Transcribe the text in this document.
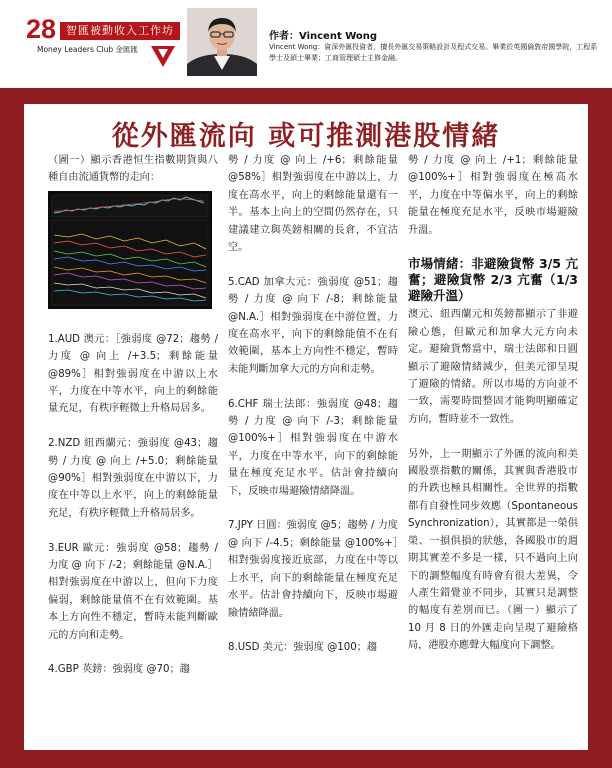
28 智匯被動收入工作坊
Money Leaders Club 金匯匯
作者：Vincent Wong
Vincent Wong：資深外匯投資者，擅長外匯交易策略設計及程式交易。畢業於英國倫敦帝國學院，工程系學士及碩士畢業；工商管理碩士主修金融。
從外匯流向 或可推測港股情緒

（圖一）顯示香港恒生指數期貨與八種自由流通貨幣的走向：

1.AUD 澳元：［強弱度 @72；趨勢 / 力度 @ 向上 /+3.5；剩餘能量 @89%］相對強弱度在中游以上水平，力度在中等水平，向上的剩餘能量充足，有秩序輕微上升格局居多。

2.NZD 紐西蘭元：強弱度 @43；趨勢 / 力度 @ 向上 /+5.0；剩餘能量 @90%］相對強弱度在中游以下，力度在中等以上水平，向上的剩餘能量充足，有秩序輕微上升格局居多。

3.EUR 歐元：強弱度 @58；趨勢 / 力度 @ 向下 /-2；剩餘能量 @N.A.］相對強弱度在中游以上，但向下力度偏弱，剩餘能量值不在有效範圍。基本上方向性不穩定，暫時未能判斷歐元的方向和走勢。

4.GBP 英鎊：強弱度 @70；趨

勢 / 力度 @ 向上 /+6；剩餘能量 @58%］相對強弱度在中游以上，力度在高水平，向上的剩餘能量還有一半。基本上向上的空間仍然存在，只建議建立與英鎊相關的長倉，不宜沽空。

5.CAD 加拿大元：強弱度 @51；趨勢 / 力度 @ 向下 /-8；剩餘能量 @N.A.］相對強弱度在中游位置，力度在高水平，向下的剩餘能值不在有效範圍，基本上方向性不穩定，暫時未能判斷加拿大元的方向和走勢。

6.CHF 瑞士法郎：強弱度 @48；趨勢 / 力度 @ 向下 /-3；剩餘能量 @100%+］相對強弱度在中游水平，力度在中等水平，向下的剩餘能量在極度充足水平。估計會持續向下，反映市場避險情緒降溫。

7.JPY 日圓：強弱度 @5；趨勢 / 力度 @ 向下 /-4.5；剩餘能量 @100%+］相對強弱度接近底部，力度在中等以上水平，向下的剩餘能量在極度充足水平。估計會持續向下，反映市場避險情緒降溫。

8.USD 美元：強弱度 @100；趨

勢 / 力度 @ 向上 /+1；剩餘能量 @100%+］相對強弱度在極高水平，力度在中等偏水平，向上的剩餘能量在極度充足水平，反映市場避險升溫。

市場情緒：非避險貨幣 3/5 亢奮；避險貨幣 2/3 亢奮（1/3 避險升溫）

澳元、紐西蘭元和英鎊都顯示了非避險心態，但歐元和加拿大元方向未定。避險貨幣當中，瑞士法郎和日圓顯示了避險情緒減少，但美元卻呈現了避險的情緒。所以市場的方向並不一致，需要時間整固才能夠明顯確定方向，暫時並不一致性。

另外，上一期顯示了外匯的流向和美國股票指數的關係，其實與香港股市的升跌也極具相關性。全世界的指數都有自發性同步效應（Spontaneous Synchronization），其實都是一榮俱榮、一損俱損的狀態，各國股市的週期其實差不多是一樣，只不過向上向下的調整幅度有時會有很大差異，令人產生錯覺並不同步，其實只是調整的幅度有差別而已。（圖一）顯示了 10 月 8 日的外匯走向呈現了避險格局，港股亦應聲大幅度向下調整。
